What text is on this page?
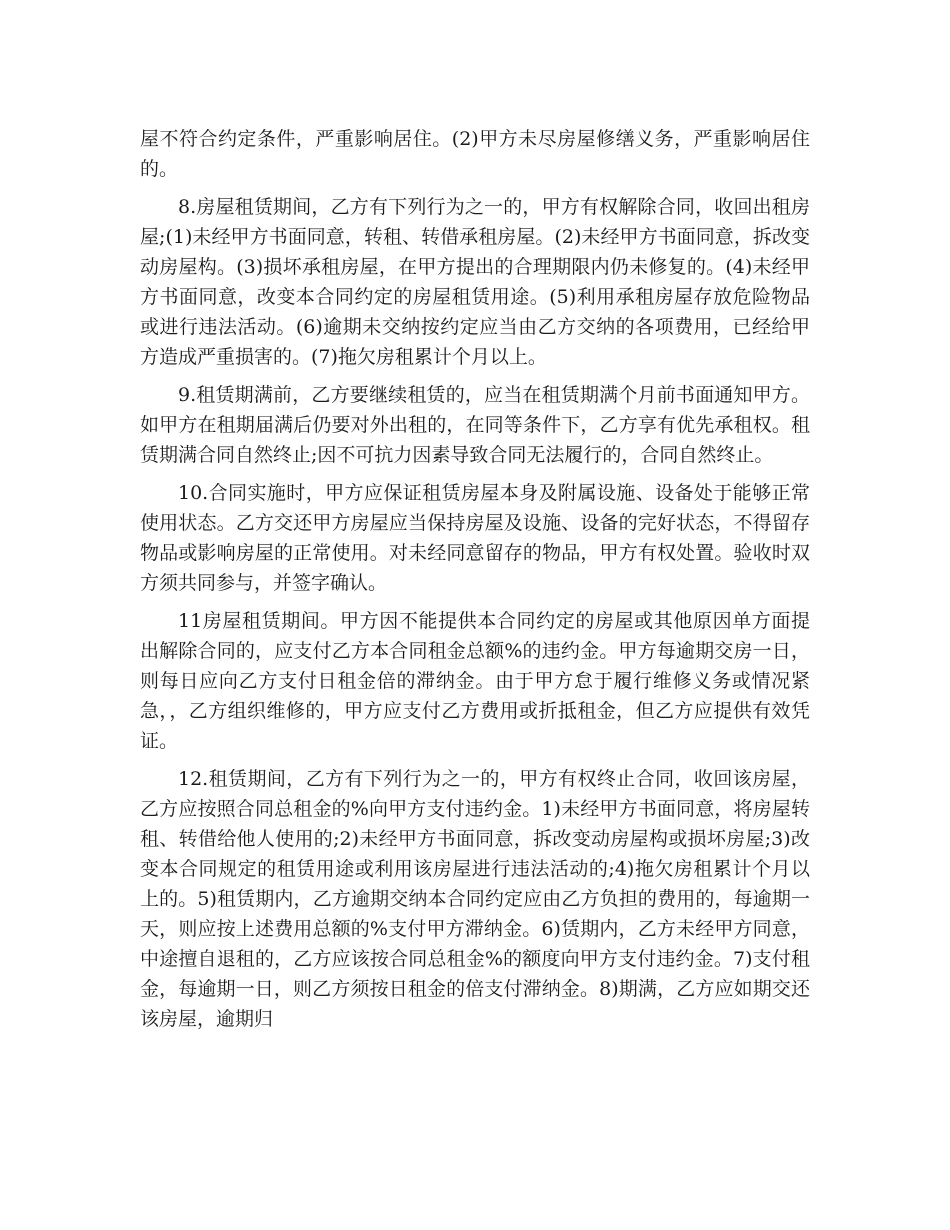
屋不符合约定条件，严重影响居住。(2)甲方未尽房屋修缮义务，严重影响居住的。

8.房屋租赁期间，乙方有下列行为之一的，甲方有权解除合同，收回出租房屋;(1)未经甲方书面同意，转租、转借承租房屋。(2)未经甲方书面同意，拆改变动房屋构。(3)损坏承租房屋，在甲方提出的合理期限内仍未修复的。(4)未经甲方书面同意，改变本合同约定的房屋租赁用途。(5)利用承租房屋存放危险物品或进行违法活动。(6)逾期未交纳按约定应当由乙方交纳的各项费用，已经给甲方造成严重损害的。(7)拖欠房租累计个月以上。

9.租赁期满前，乙方要继续租赁的，应当在租赁期满个月前书面通知甲方。如甲方在租期届满后仍要对外出租的，在同等条件下，乙方享有优先承租权。租赁期满合同自然终止;因不可抗力因素导致合同无法履行的，合同自然终止。

10.合同实施时，甲方应保证租赁房屋本身及附属设施、设备处于能够正常使用状态。乙方交还甲方房屋应当保持房屋及设施、设备的完好状态，不得留存物品或影响房屋的正常使用。对未经同意留存的物品，甲方有权处置。验收时双方须共同参与，并签字确认。

11房屋租赁期间。甲方因不能提供本合同约定的房屋或其他原因单方面提出解除合同的，应支付乙方本合同租金总额%的违约金。甲方每逾期交房一日，则每日应向乙方支付日租金倍的滞纳金。由于甲方怠于履行维修义务或情况紧急，，乙方组织维修的，甲方应支付乙方费用或折抵租金，但乙方应提供有效凭证。

12.租赁期间，乙方有下列行为之一的，甲方有权终止合同，收回该房屋，乙方应按照合同总租金的%向甲方支付违约金。1)未经甲方书面同意，将房屋转租、转借给他人使用的;2)未经甲方书面同意，拆改变动房屋构或损坏房屋;3)改变本合同规定的租赁用途或利用该房屋进行违法活动的;4)拖欠房租累计个月以上的。5)租赁期内，乙方逾期交纳本合同约定应由乙方负担的费用的，每逾期一天，则应按上述费用总额的%支付甲方滞纳金。6)赁期内，乙方未经甲方同意，中途擅自退租的，乙方应该按合同总租金%的额度向甲方支付违约金。7)支付租金，每逾期一日，则乙方须按日租金的倍支付滞纳金。8)期满，乙方应如期交还该房屋，逾期归
